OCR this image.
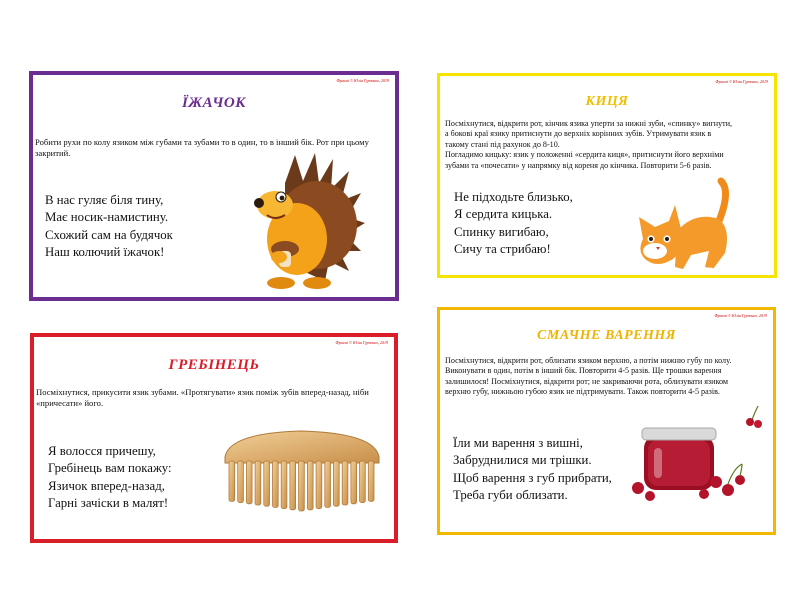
Фрагмі © Юлія Гурченко, 2019
ЇЖАЧОК
Робити рухи по колу язиком між губами та зубами то в один, то в інший бік. Рот при цьому закритий.
В нас гуляє біля тину,
Має носик-намистину.
Схожий сам на будячок
Наш колючий їжачок!
Фрагмі © Юлія Гурченко, 2019
КИЦЯ
Посміхнутися, відкрити рот, кінчик язика уперти за нижні зуби, «спинку» вигнути,
а бокові краї язику притиснути до верхніх корінних зубів. Утримувати язик в
такому стані під рахунок до 8-10.
Погладимо кицьку: язик у положенні «сердита киця», притиснути його верхніми
зубами та «почесати» у напрямку від кореня до кінчика. Повторити 5-6 разів.
Не підходьте близько,
Я сердита кицька.
Спинку вигибаю,
Сичу та стрибаю!
Фрагмі © Юлія Гурченко, 2019
ГРЕБІНЕЦЬ
Посміхнутися, прикусити язик зубами. «Протягувати» язик поміж зубів вперед-назад, ніби «причесати» його.
Я волосся причешу,
Гребінець вам покажу:
Язичок вперед-назад,
Гарні зачіски в малят!
Фрагмі © Юлія Гурченко, 2019
СМАЧНЕ ВАРЕННЯ
Посміхнутися, відкрити рот, облизати язиком верхню, а потім нижню губу по колу.
Виконувати в один, потім в інший бік. Повторити 4-5 разів. Ще трошки варення
залишилося! Посміхнутися, відкрити рот; не закриваючи рота, облизувати язиком
верхню губу, нижньою губою язик не підтримувати. Також повторити 4-5 разів.
Їли ми варення з вишні,
Забруднилися ми трішки.
Щоб варення з губ прибрати,
Треба губи облизати.
